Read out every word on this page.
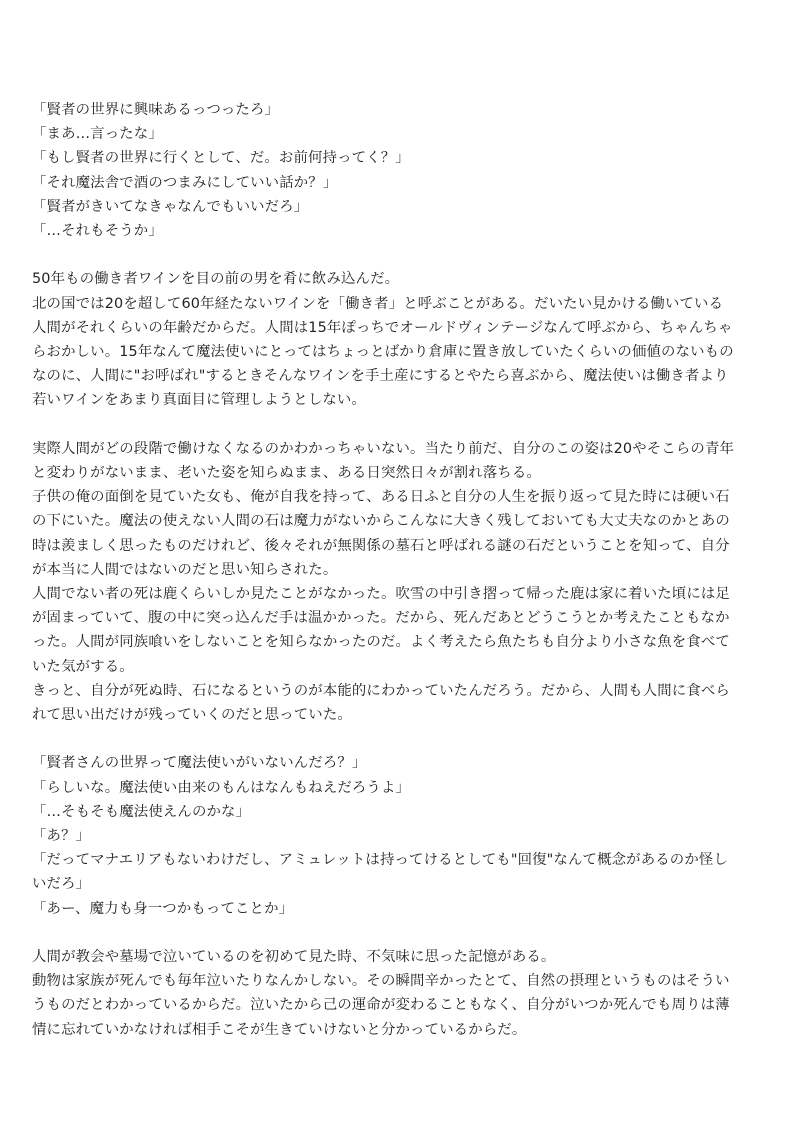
「賢者の世界に興味あるっつったろ」
「まあ…言ったな」
「もし賢者の世界に行くとして、だ。お前何持ってく？」
「それ魔法舎で酒のつまみにしていい話か？」
「賢者がきいてなきゃなんでもいいだろ」
「…それもそうか」
50年もの働き者ワインを目の前の男を肴に飲み込んだ。
北の国では20を超して60年経たないワインを「働き者」と呼ぶことがある。だいたい見かける働いている
人間がそれくらいの年齢だからだ。人間は15年ぽっちでオールドヴィンテージなんて呼ぶから、ちゃんちゃ
らおかしい。15年なんて魔法使いにとってはちょっとばかり倉庫に置き放していたくらいの価値のないもの
なのに、人間に"お呼ばれ"するときそんなワインを手土産にするとやたら喜ぶから、魔法使いは働き者より
若いワインをあまり真面目に管理しようとしない。
実際人間がどの段階で働けなくなるのかわかっちゃいない。当たり前だ、自分のこの姿は20やそこらの青年
と変わりがないまま、老いた姿を知らぬまま、ある日突然日々が割れ落ちる。
子供の俺の面倒を見ていた女も、俺が自我を持って、ある日ふと自分の人生を振り返って見た時には硬い石
の下にいた。魔法の使えない人間の石は魔力がないからこんなに大きく残しておいても大丈夫なのかとあの
時は羨ましく思ったものだけれど、後々それが無関係の墓石と呼ばれる謎の石だということを知って、自分
が本当に人間ではないのだと思い知らされた。
人間でない者の死は鹿くらいしか見たことがなかった。吹雪の中引き摺って帰った鹿は家に着いた頃には足
が固まっていて、腹の中に突っ込んだ手は温かかった。だから、死んだあとどうこうとか考えたこともなか
った。人間が同族喰いをしないことを知らなかったのだ。よく考えたら魚たちも自分より小さな魚を食べて
いた気がする。
きっと、自分が死ぬ時、石になるというのが本能的にわかっていたんだろう。だから、人間も人間に食べら
れて思い出だけが残っていくのだと思っていた。
「賢者さんの世界って魔法使いがいないんだろ？」
「らしいな。魔法使い由来のもんはなんもねえだろうよ」
「…そもそも魔法使えんのかな」
「あ？」
「だってマナエリアもないわけだし、アミュレットは持ってけるとしても"回復"なんて概念があるのか怪し
いだろ」
「あー、魔力も身一つかもってことか」
人間が教会や墓場で泣いているのを初めて見た時、不気味に思った記憶がある。
動物は家族が死んでも毎年泣いたりなんかしない。その瞬間辛かったとて、自然の摂理というものはそうい
うものだとわかっているからだ。泣いたから己の運命が変わることもなく、自分がいつか死んでも周りは薄
情に忘れていかなければ相手こそが生きていけないと分かっているからだ。
